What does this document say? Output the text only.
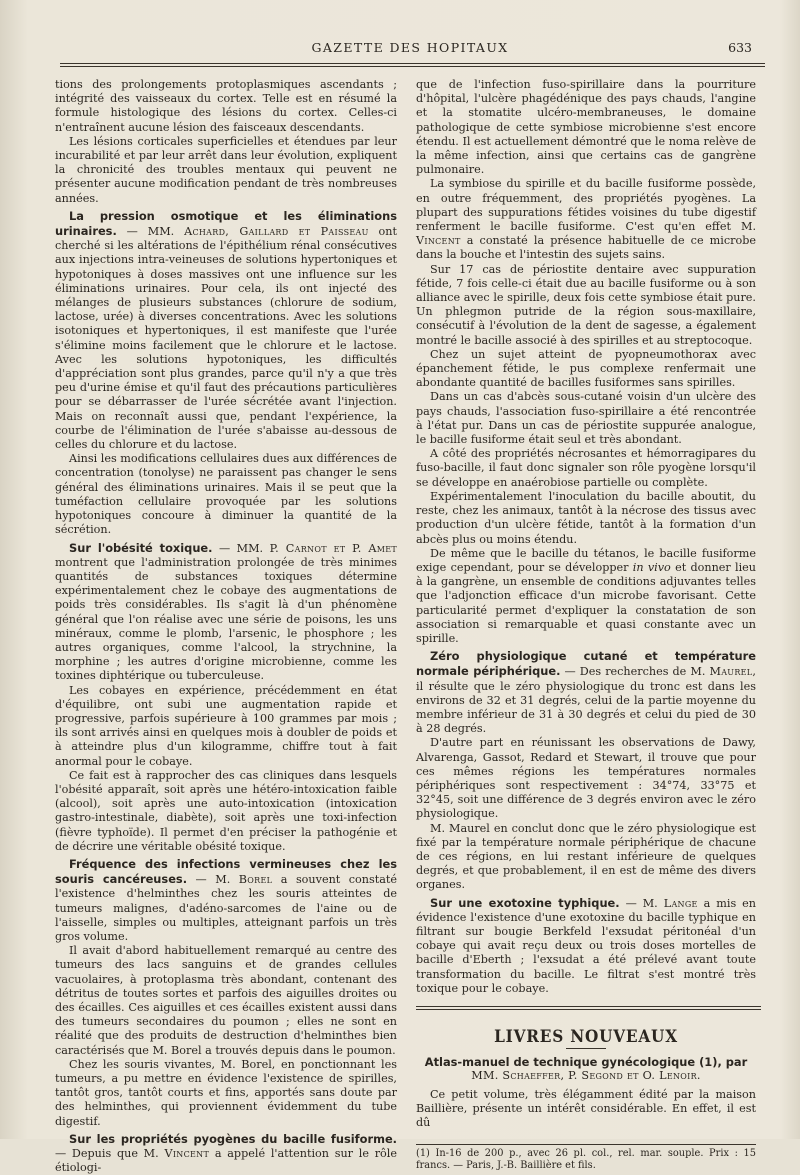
GAZETTE DES HOPITAUX	633

tions des prolongements protoplasmiques ascendants ; intégrité des vaisseaux du cortex. Telle est en résumé la formule histologique des lésions du cortex. Celles-ci n'entraînent aucune lésion des faisceaux descendants.

Les lésions corticales superficielles et étendues par leur incurabilité et par leur arrêt dans leur évolution, expliquent la chronicité des troubles mentaux qui peuvent ne présenter aucune modification pendant de très nombreuses années.

La pression osmotique et les éliminations urinaires. — MM. Achard, Gaillard et Paisseau ont cherché si les altérations de l'épithélium rénal consécutives aux injections intra-veineuses de solutions hypertoniques et hypotoniques à doses massives ont une influence sur les éliminations urinaires. Pour cela, ils ont injecté des mélanges de plusieurs substances (chlorure de sodium, lactose, urée) à diverses concentrations. Avec les solutions isotoniques et hypertoniques, il est manifeste que l'urée s'élimine moins facilement que le chlorure et le lactose. Avec les solutions hypotoniques, les difficultés d'appréciation sont plus grandes, parce qu'il n'y a que très peu d'urine émise et qu'il faut des précautions particulières pour se débarrasser de l'urée sécrétée avant l'injection. Mais on reconnaît aussi que, pendant l'expérience, la courbe de l'élimination de l'urée s'abaisse au-dessous de celles du chlorure et du lactose.

Ainsi les modifications cellulaires dues aux différences de concentration (tonolyse) ne paraissent pas changer le sens général des éliminations urinaires. Mais il se peut que la tuméfaction cellulaire provoquée par les solutions hypotoniques concoure à diminuer la quantité de la sécrétion.

Sur l'obésité toxique. — MM. P. Carnot et P. Amet montrent que l'administration prolongée de très minimes quantités de substances toxiques détermine expérimentalement chez le cobaye des augmentations de poids très considérables. Ils s'agit là d'un phénomène général que l'on réalise avec une série de poisons, les uns minéraux, comme le plomb, l'arsenic, le phosphore ; les autres organiques, comme l'alcool, la strychnine, la morphine ; les autres d'origine microbienne, comme les toxines diphtérique ou tuberculeuse.

Les cobayes en expérience, précédemment en état d'équilibre, ont subi une augmentation rapide et progressive, parfois supérieure à 100 grammes par mois ; ils sont arrivés ainsi en quelques mois à doubler de poids et à atteindre plus d'un kilogramme, chiffre tout à fait anormal pour le cobaye.

Ce fait est à rapprocher des cas cliniques dans lesquels l'obésité apparaît, soit après une hétéro-intoxication faible (alcool), soit après une auto-intoxication (intoxication gastro-intestinale, diabète), soit après une toxi-infection (fièvre typhoïde). Il permet d'en préciser la pathogénie et de décrire une véritable obésité toxique.

Fréquence des infections vermineuses chez les souris cancéreuses. — M. Borel a souvent constaté l'existence d'helminthes chez les souris atteintes de tumeurs malignes, d'adéno-sarcomes de l'aine ou de l'aisselle, simples ou multiples, atteignant parfois un très gros volume.

Il avait d'abord habituellement remarqué au centre des tumeurs des lacs sanguins et de grandes cellules vacuolaires, à protoplasma très abondant, contenant des détritus de toutes sortes et parfois des aiguilles droites ou des écailles. Ces aiguilles et ces écailles existent aussi dans des tumeurs secondaires du poumon ; elles ne sont en réalité que des produits de destruction d'helminthes bien caractérisés que M. Borel a trouvés depuis dans le poumon.

Chez les souris vivantes, M. Borel, en ponctionnant les tumeurs, a pu mettre en évidence l'existence de spirilles, tantôt gros, tantôt courts et fins, apportés sans doute par des helminthes, qui proviennent évidemment du tube digestif.

Sur les propriétés pyogènes du bacille fusiforme. — Depuis que M. Vincent a appelé l'attention sur le rôle étiologi-

que de l'infection fuso-spirillaire dans la pourriture d'hôpital, l'ulcère phagédénique des pays chauds, l'angine et la stomatite ulcéro-membraneuses, le domaine pathologique de cette symbiose microbienne s'est encore étendu. Il est actuellement démontré que le noma relève de la même infection, ainsi que certains cas de gangrène pulmonaire.

La symbiose du spirille et du bacille fusiforme possède, en outre fréquemment, des propriétés pyogènes. La plupart des suppurations fétides voisines du tube digestif renferment le bacille fusiforme. C'est qu'en effet M. Vincent a constaté la présence habituelle de ce microbe dans la bouche et l'intestin des sujets sains.

Sur 17 cas de périostite dentaire avec suppuration fétide, 7 fois celle-ci était due au bacille fusiforme ou à son alliance avec le spirille, deux fois cette symbiose était pure. Un phlegmon putride de la région sous-maxillaire, consécutif à l'évolution de la dent de sagesse, a également montré le bacille associé à des spirilles et au streptocoque.

Chez un sujet atteint de pyopneumothorax avec épanchement fétide, le pus complexe renfermait une abondante quantité de bacilles fusiformes sans spirilles.

Dans un cas d'abcès sous-cutané voisin d'un ulcère des pays chauds, l'association fuso-spirillaire a été rencontrée à l'état pur. Dans un cas de périostite suppurée analogue, le bacille fusiforme était seul et très abondant.

A côté des propriétés nécrosantes et hémorragipares du fuso-bacille, il faut donc signaler son rôle pyogène lorsqu'il se développe en anaérobiose partielle ou complète.

Expérimentalement l'inoculation du bacille aboutit, du reste, chez les animaux, tantôt à la nécrose des tissus avec production d'un ulcère fétide, tantôt à la formation d'un abcès plus ou moins étendu.

De même que le bacille du tétanos, le bacille fusiforme exige cependant, pour se développer in vivo et donner lieu à la gangrène, un ensemble de conditions adjuvantes telles que l'adjonction efficace d'un microbe favorisant. Cette particularité permet d'expliquer la constatation de son association si remarquable et quasi constante avec un spirille.

Zéro physiologique cutané et température normale périphérique. — Des recherches de M. Maurel, il résulte que le zéro physiologique du tronc est dans les environs de 32 et 31 degrés, celui de la partie moyenne du membre inférieur de 31 à 30 degrés et celui du pied de 30 à 28 degrés.

D'autre part en réunissant les observations de Dawy, Alvarenga, Gassot, Redard et Stewart, il trouve que pour ces mêmes régions les températures normales périphériques sont respectivement : 34°74, 33°75 et 32°45, soit une différence de 3 degrés environ avec le zéro physiologique.

M. Maurel en conclut donc que le zéro physiologique est fixé par la température normale périphérique de chacune de ces régions, en lui restant inférieure de quelques degrés, et que probablement, il en est de même des divers organes.

Sur une exotoxine typhique. — M. Lange a mis en évidence l'existence d'une exotoxine du bacille typhique en filtrant sur bougie Berkfeld l'exsudat péritonéal d'un cobaye qui avait reçu deux ou trois doses mortelles de bacille d'Eberth ; l'exsudat a été prélevé avant toute transformation du bacille. Le filtrat s'est montré très toxique pour le cobaye.

LIVRES NOUVEAUX
Atlas-manuel de technique gynécologique (1), par
MM. Schaeffer, P. Segond et O. Lenoir.

Ce petit volume, très élégamment édité par la maison Baillière, présente un intérêt considérable. En effet, il est dû

(1) In-16 de 200 p., avec 26 pl. col., rel. mar. souple. Prix : 15 francs. — Paris, J.-B. Baillière et fils.
